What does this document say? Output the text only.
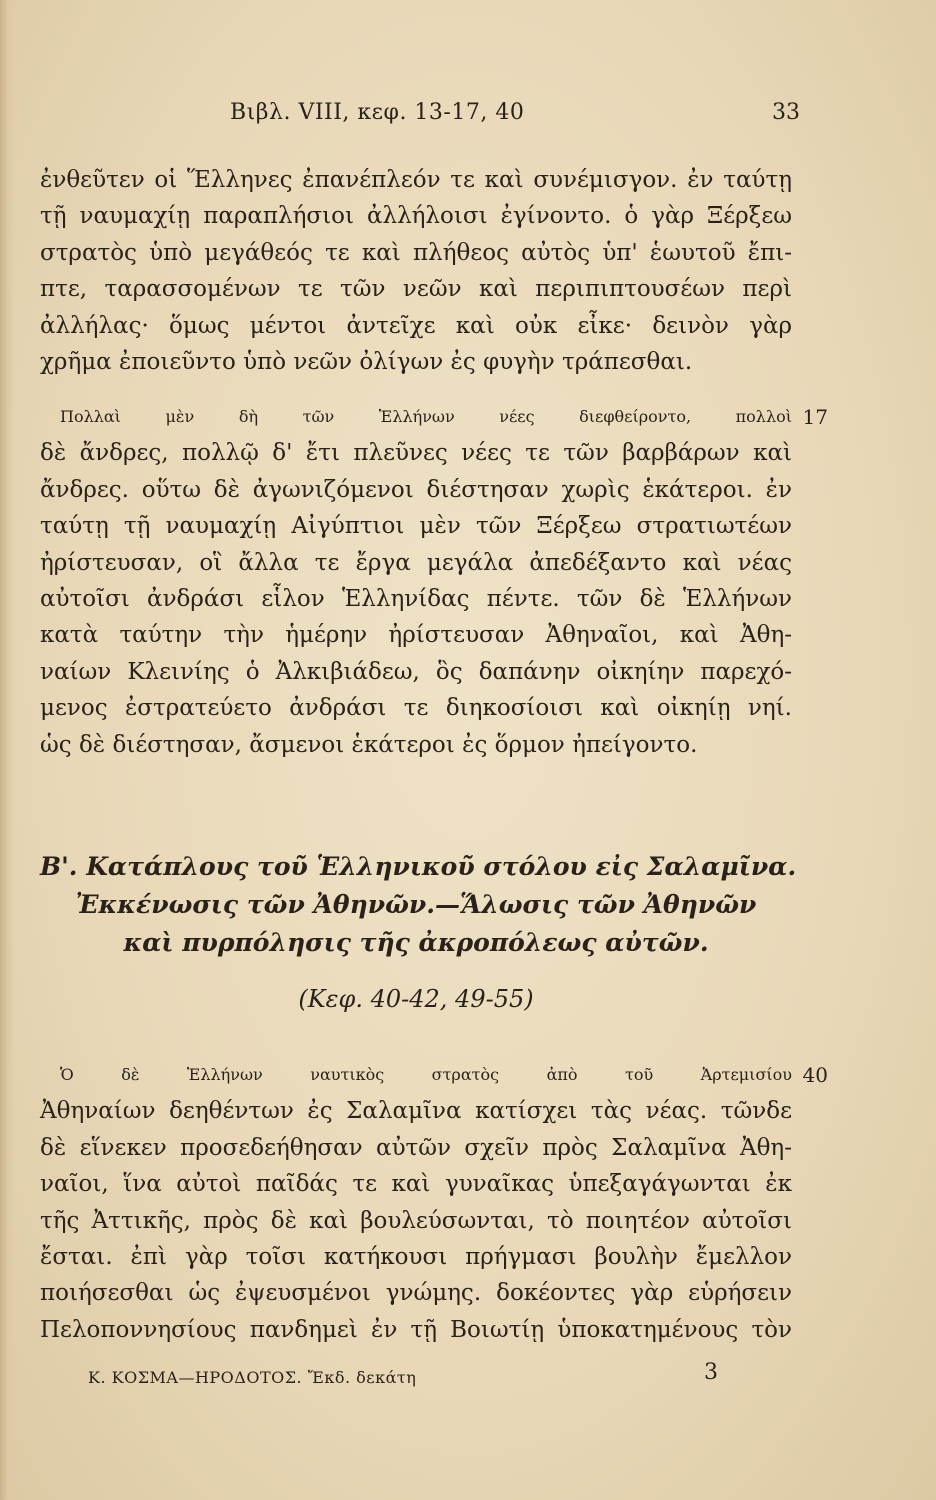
Βιβλ. VIII, κεφ. 13-17, 40	33
ἐνθεῦτεν οἱ Ἕλληνες ἐπανέπλεόν τε καὶ συνέμισγον. ἐν ταύτῃ
τῇ ναυμαχίῃ παραπλήσιοι ἀλλήλοισι ἐγίνοντο. ὁ γὰρ Ξέρξεω
στρατὸς ὑπὸ μεγάθεός τε καὶ πλήθεος αὐτὸς ὑπ' ἑωυτοῦ ἔπι-
πτε, ταρασσομένων τε τῶν νεῶν καὶ περιπιπτουσέων περὶ
ἀλλήλας· ὅμως μέντοι ἀντεῖχε καὶ οὐκ εἶκε· δεινὸν γὰρ
χρῆμα ἐποιεῦντο ὑπὸ νεῶν ὀλίγων ἐς φυγὴν τράπεσθαι.
Πολλαὶ μὲν δὴ τῶν Ἑλλήνων νέες διεφθείροντο, πολλοὶ 17
δὲ ἄνδρες, πολλῷ δ' ἔτι πλεῦνες νέες τε τῶν βαρβάρων καὶ
ἄνδρες. οὕτω δὲ ἀγωνιζόμενοι διέστησαν χωρὶς ἑκάτεροι. ἐν
ταύτῃ τῇ ναυμαχίῃ Αἰγύπτιοι μὲν τῶν Ξέρξεω στρατιωτέων
ἠρίστευσαν, οἳ ἄλλα τε ἔργα μεγάλα ἀπεδέξαντο καὶ νέας
αὐτοῖσι ἀνδράσι εἷλον Ἑλληνίδας πέντε. τῶν δὲ Ἑλλήνων
κατὰ ταύτην τὴν ἡμέρην ἠρίστευσαν Ἀθηναῖοι, καὶ Ἀθη-
ναίων Κλεινίης ὁ Ἀλκιβιάδεω, ὃς δαπάνην οἰκηίην παρεχό-
μενος ἐστρατεύετο ἀνδράσι τε διηκοσίοισι καὶ οἰκηίῃ νηί.
ὡς δὲ διέστησαν, ἄσμενοι ἑκάτεροι ἐς ὅρμον ἠπείγοντο.
Β'. Κατάπλους τοῦ Ἑλληνικοῦ στόλου εἰς Σαλαμῖνα.
Ἐκκένωσις τῶν Ἀθηνῶν.—Ἅλωσις τῶν Ἀθηνῶν
καὶ πυρπόλησις τῆς ἀκροπόλεως αὐτῶν.
(Κεφ. 40-42, 49-55)
Ὁ δὲ Ἑλλήνων ναυτικὸς στρατὸς ἀπὸ τοῦ Ἀρτεμισίου 40
Ἀθηναίων δεηθέντων ἐς Σαλαμῖνα κατίσχει τὰς νέας. τῶνδε
δὲ εἵνεκεν προσεδεήθησαν αὐτῶν σχεῖν πρὸς Σαλαμῖνα Ἀθη-
ναῖοι, ἵνα αὐτοὶ παῖδάς τε καὶ γυναῖκας ὑπεξαγάγωνται ἐκ
τῆς Ἀττικῆς, πρὸς δὲ καὶ βουλεύσωνται, τὸ ποιητέον αὐτοῖσι
ἔσται. ἐπὶ γὰρ τοῖσι κατήκουσι πρήγμασι βουλὴν ἔμελλον
ποιήσεσθαι ὡς ἐψευσμένοι γνώμης. δοκέοντες γὰρ εὑρήσειν
Πελοποννησίους πανδημεὶ ἐν τῇ Βοιωτίῃ ὑποκατημένους τὸν
Κ. ΚΟΣΜΑ—ΗΡΟΔΟΤΟΣ. Ἔκδ. δεκάτη	3
